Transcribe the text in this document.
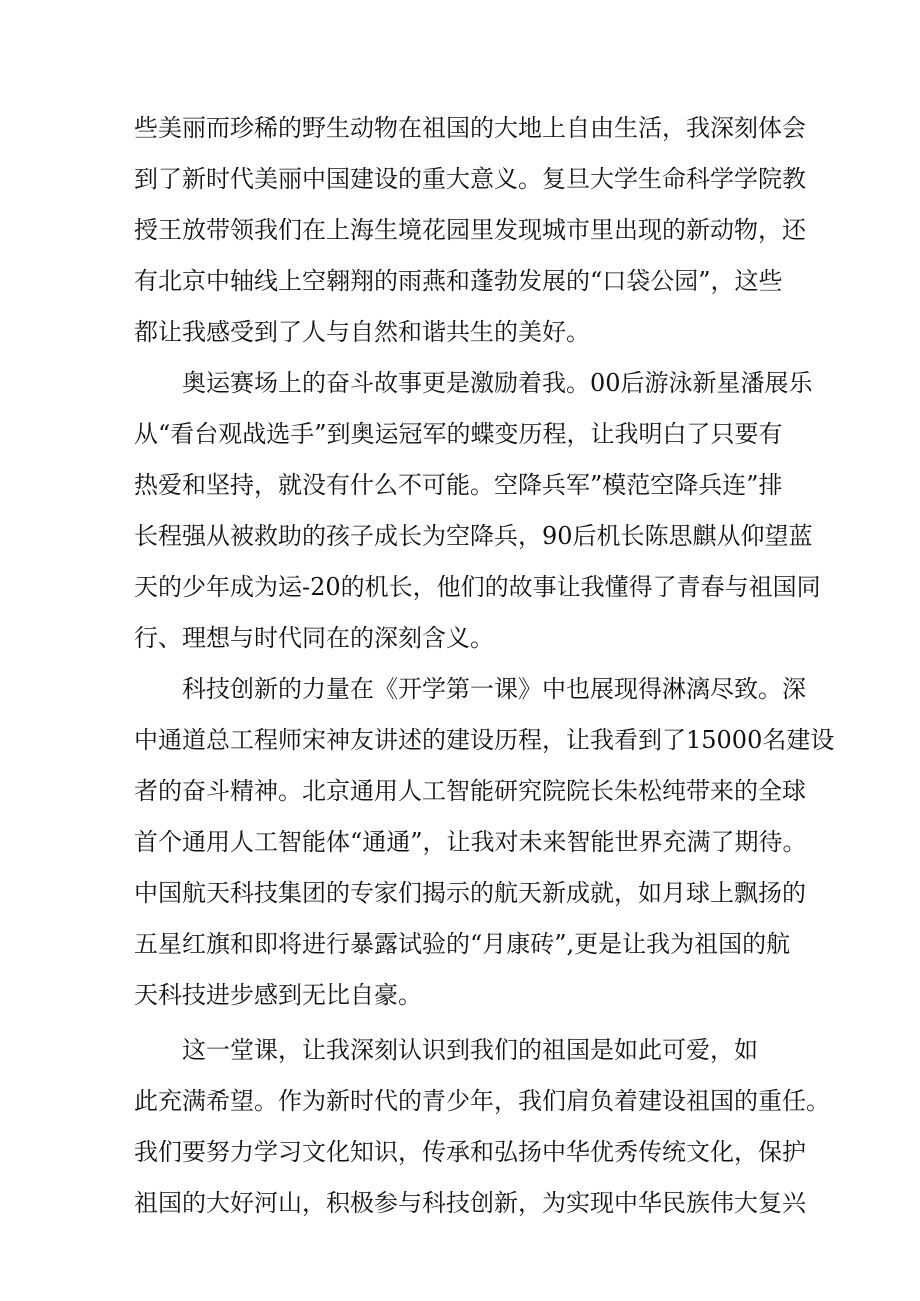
些美丽而珍稀的野生动物在祖国的大地上自由生活，我深刻体会
到了新时代美丽中国建设的重大意义。复旦大学生命科学学院教
授王放带领我们在上海生境花园里发现城市里出现的新动物，还
有北京中轴线上空翱翔的雨燕和蓬勃发展的“口袋公园”，这些
都让我感受到了人与自然和谐共生的美好。
　　奥运赛场上的奋斗故事更是激励着我。00后游泳新星潘展乐
从“看台观战选手”到奥运冠军的蝶变历程，让我明白了只要有
热爱和坚持，就没有什么不可能。空降兵军”模范空降兵连”排
长程强从被救助的孩子成长为空降兵，90后机长陈思麒从仰望蓝
天的少年成为运-20的机长，他们的故事让我懂得了青春与祖国同
行、理想与时代同在的深刻含义。
　　科技创新的力量在《开学第一课》中也展现得淋漓尽致。深
中通道总工程师宋神友讲述的建设历程，让我看到了15000名建设
者的奋斗精神。北京通用人工智能研究院院长朱松纯带来的全球
首个通用人工智能体“通通”，让我对未来智能世界充满了期待。
中国航天科技集团的专家们揭示的航天新成就，如月球上飘扬的
五星红旗和即将进行暴露试验的“月康砖”,更是让我为祖国的航
天科技进步感到无比自豪。
　　这一堂课，让我深刻认识到我们的祖国是如此可爱，如
此充满希望。作为新时代的青少年，我们肩负着建设祖国的重任。
我们要努力学习文化知识，传承和弘扬中华优秀传统文化，保护
祖国的大好河山，积极参与科技创新，为实现中华民族伟大复兴
